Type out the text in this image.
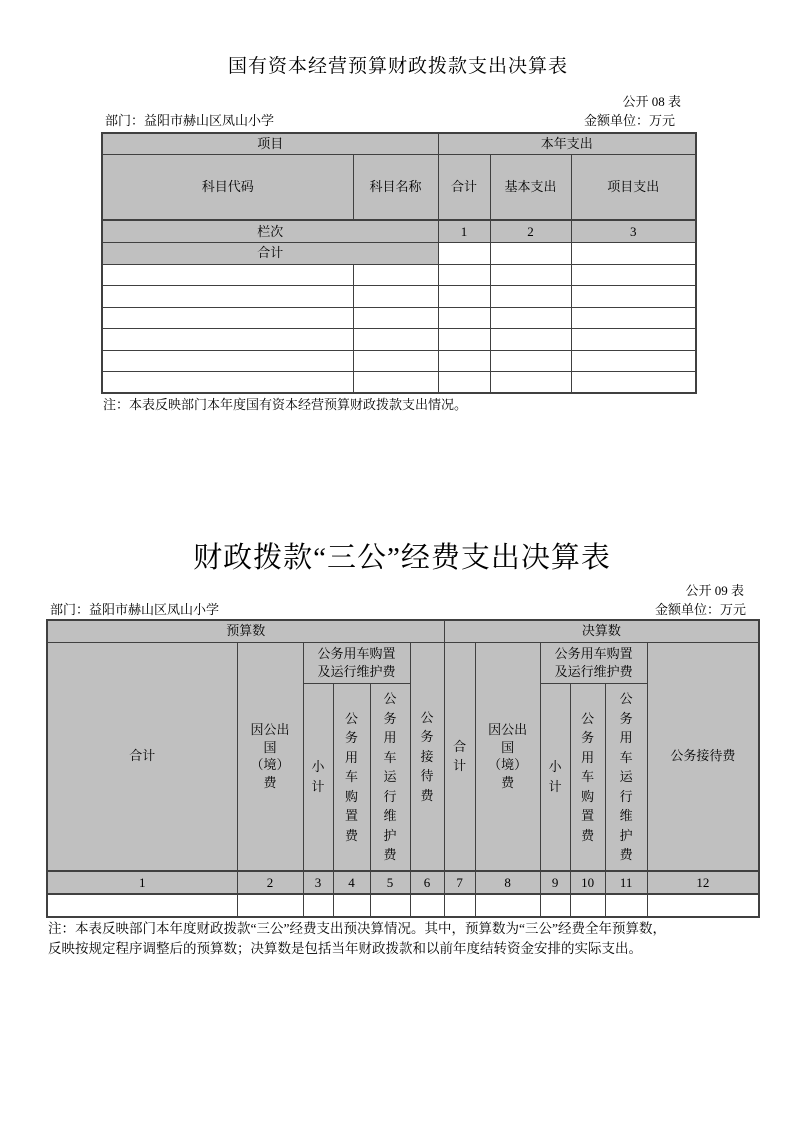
国有资本经营预算财政拨款支出决算表
公开 08 表
部门：益阳市赫山区凤山小学	金额单位：万元
项目		本年支出		
科目代码	科目名称	合计	基本支出	项目支出
栏次		1	2	3
合计				

注：本表反映部门本年度国有资本经营预算财政拨款支出情况。
财政拨款“三公”经费支出决算表
公开 09 表
部门：益阳市赫山区凤山小学	金额单位：万元
预算数						决算数					
合计	因公出国（境）费	公务用车购置及运行维护费			公务接待费	合计	因公出国（境）费	公务用车购置及运行维护费			公务接待费
		小计	公务用车购置费	公务用车运行维护费				小计	公务用车购置费	公务用车运行维护费	
1	2	3	4	5	6	7	8	9	10	11	12

注：本表反映部门本年度财政拨款“三公”经费支出预决算情况。其中，预算数为“三公”经费全年预算数，
反映按规定程序调整后的预算数；决算数是包括当年财政拨款和以前年度结转资金安排的实际支出。
